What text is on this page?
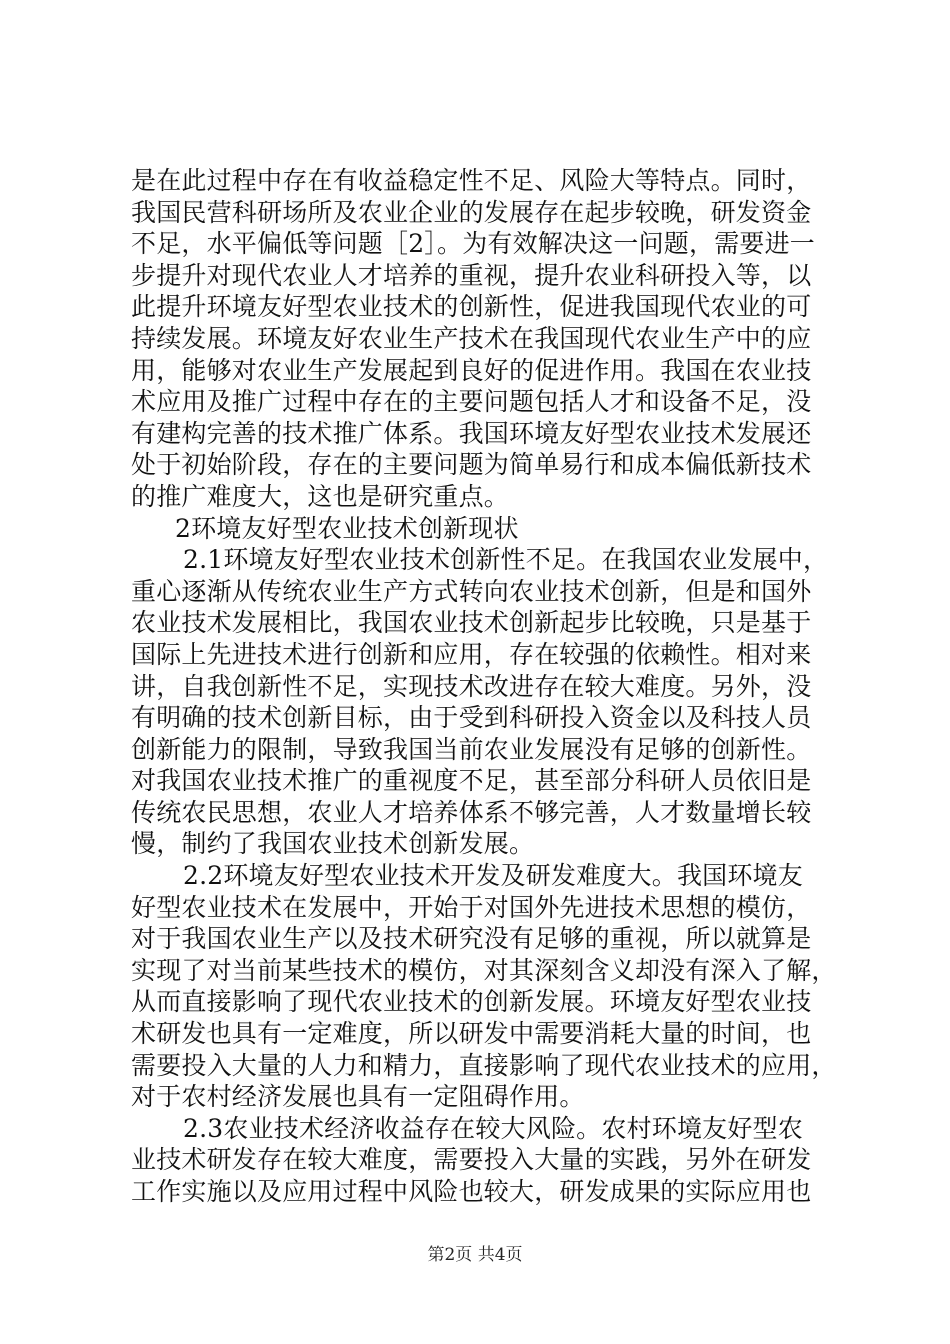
是在此过程中存在有收益稳定性不足、风险大等特点。同时，
我国民营科研场所及农业企业的发展存在起步较晚，研发资金
不足，水平偏低等问题［2］。为有效解决这一问题，需要进一
步提升对现代农业人才培养的重视，提升农业科研投入等，以
此提升环境友好型农业技术的创新性，促进我国现代农业的可
持续发展。环境友好农业生产技术在我国现代农业生产中的应
用，能够对农业生产发展起到良好的促进作用。我国在农业技
术应用及推广过程中存在的主要问题包括人才和设备不足，没
有建构完善的技术推广体系。我国环境友好型农业技术发展还
处于初始阶段，存在的主要问题为简单易行和成本偏低新技术
的推广难度大，这也是研究重点。
2环境友好型农业技术创新现状
2.1环境友好型农业技术创新性不足。在我国农业发展中，
重心逐渐从传统农业生产方式转向农业技术创新，但是和国外
农业技术发展相比，我国农业技术创新起步比较晚，只是基于
国际上先进技术进行创新和应用，存在较强的依赖性。相对来
讲，自我创新性不足，实现技术改进存在较大难度。另外，没
有明确的技术创新目标，由于受到科研投入资金以及科技人员
创新能力的限制，导致我国当前农业发展没有足够的创新性。
对我国农业技术推广的重视度不足，甚至部分科研人员依旧是
传统农民思想，农业人才培养体系不够完善，人才数量增长较
慢，制约了我国农业技术创新发展。
2.2环境友好型农业技术开发及研发难度大。我国环境友
好型农业技术在发展中，开始于对国外先进技术思想的模仿，
对于我国农业生产以及技术研究没有足够的重视，所以就算是
实现了对当前某些技术的模仿，对其深刻含义却没有深入了解，
从而直接影响了现代农业技术的创新发展。环境友好型农业技
术研发也具有一定难度，所以研发中需要消耗大量的时间，也
需要投入大量的人力和精力，直接影响了现代农业技术的应用，
对于农村经济发展也具有一定阻碍作用。
2.3农业技术经济收益存在较大风险。农村环境友好型农
业技术研发存在较大难度，需要投入大量的实践，另外在研发
工作实施以及应用过程中风险也较大，研发成果的实际应用也
第2页 共4页
